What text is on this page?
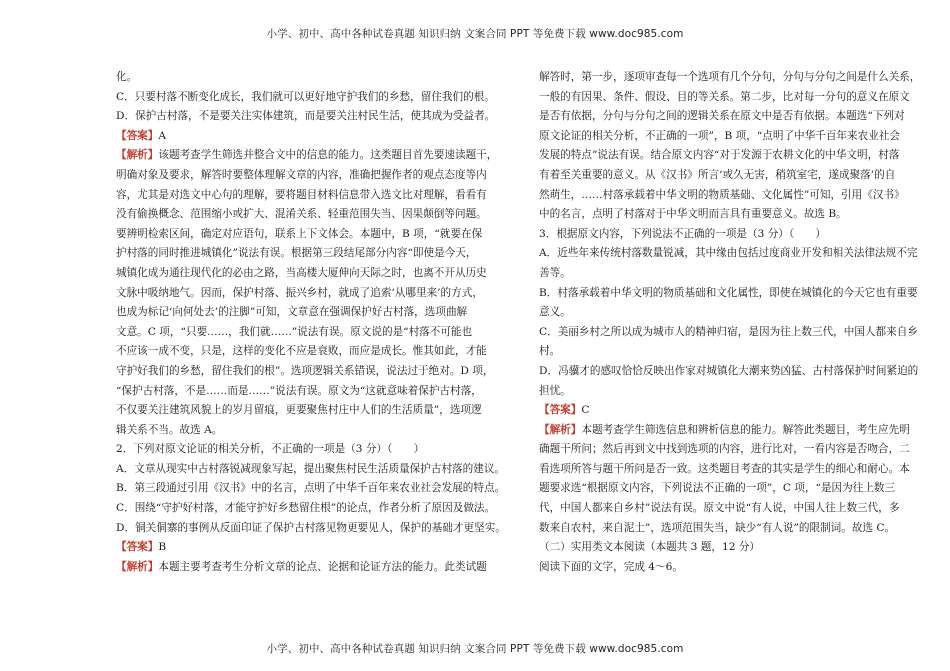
小学、初中、高中各种试卷真题 知识归纳 文案合同 PPT 等免费下载 www.doc985.com
化。
C．只要村落不断变化成长，我们就可以更好地守护我们的乡愁，留住我们的根。
D．保护古村落，不是要关注实体建筑，而是要关注村民生活，使其成为受益者。
【答案】A
【解析】该题考查学生筛选并整合文中的信息的能力。这类题目首先要速读题干，
明确对象及要求，解答时要整体理解文章的内容，准确把握作者的观点态度等内
容，尤其是对选文中心句的理解，要将题目材料信息带入选文比对理解，看看有
没有偷换概念、范围缩小或扩大、混淆关系、轻重范围失当、因果颠倒等问题。
要辨明检索区间，确定对应语句，联系上下文体会。本题中，B 项，“就要在保
护村落的同时推进城镇化”说法有误。根据第三段结尾部分内容“即使是今天，
城镇化成为通往现代化的必由之路，当高楼大厦伸向天际之时，也离不开从历史
文脉中吸纳地气。因而，保护村落、振兴乡村，就成了追索‘从哪里来’的方式，
也成为标记‘向何处去’的注脚”可知，文章意在强调保护好古村落，选项曲解
文意。C 项，“只要……，我们就……”说法有误。原文说的是“村落不可能也
不应该一成不变，只是，这样的变化不应是衰败，而应是成长。惟其如此，才能
守护好我们的乡愁，留住我们的根”。选项逻辑关系错误，说法过于绝对。D 项，
“保护古村落，不是……而是……”说法有误。原文为“这就意味着保护古村落，
不仅要关注建筑风貌上的岁月留痕，更要聚焦村庄中人们的生活质量”，选项逻
辑关系不当。故选 A。
2．下列对原文论证的相关分析，不正确的一项是（3 分）（　　）
A．文章从现实中古村落锐减现象写起，提出聚焦村民生活质量保护古村落的建议。
B．第三段通过引用《汉书》中的名言，点明了中华千百年来农业社会发展的特点。
C．围绕“守护好村落，才能守护好乡愁留住根”的论点，作者分析了原因及做法。
D．铜关侗寨的事例从反面印证了保护古村落见物更要见人，保护的基础才更坚实。
【答案】B
【解析】本题主要考查考生分析文章的论点、论据和论证方法的能力。此类试题
解答时，第一步，逐项审查每一个选项有几个分句，分句与分句之间是什么关系，
一般的有因果、条件、假设、目的等关系。第二步，比对每一分句的意义在原文
是否有依据，分句与分句之间的逻辑关系在原文中是否有依据。本题选“下列对
原文论证的相关分析，不正确的一项”，B 项，“点明了中华千百年来农业社会
发展的特点”说法有误。结合原文内容“对于发源于农耕文化的中华文明，村落
有着至关重要的意义。从《汉书》所言‘或久无害，稍筑室宅，遂成聚落’的自
然萌生，……村落承载着中华文明的物质基础、文化属性”可知，引用《汉书》
中的名言，点明了村落对于中华文明而言具有重要意义。故选 B。
3．根据原文内容，下列说法不正确的一项是（3 分）（　　）
A．近些年来传统村落数量锐减，其中缘由包括过度商业开发和相关法律法规不完
善等。
B．村落承载着中华文明的物质基础和文化属性，即使在城镇化的今天它也有重要
意义。
C．美丽乡村之所以成为城市人的精神归宿，是因为往上数三代，中国人都来自乡
村。
D．冯骥才的感叹恰恰反映出作家对城镇化大潮来势凶猛、古村落保护时间紧迫的
担忧。
【答案】C
【解析】本题考查学生筛选信息和辨析信息的能力。解答此类题目，考生应先明
确题干所问；然后再到文中找到选项的内容，进行比对，一看内容是否吻合，二
看选项所答与题干所问是否一致。这类题目考查的其实是学生的细心和耐心。本
题要求选“根据原文内容，下列说法不正确的一项”，C 项，“是因为往上数三
代，中国人都来自乡村”说法有误。原文中说“有人说，中国人往上数三代，多
数来自农村，来自泥土”，选项范围失当，缺少“有人说”的限制词。故选 C。
（二）实用类文本阅读（本题共 3 题，12 分）
阅读下面的文字，完成 4～6。
小学、初中、高中各种试卷真题 知识归纳 文案合同 PPT 等免费下载 www.doc985.com
